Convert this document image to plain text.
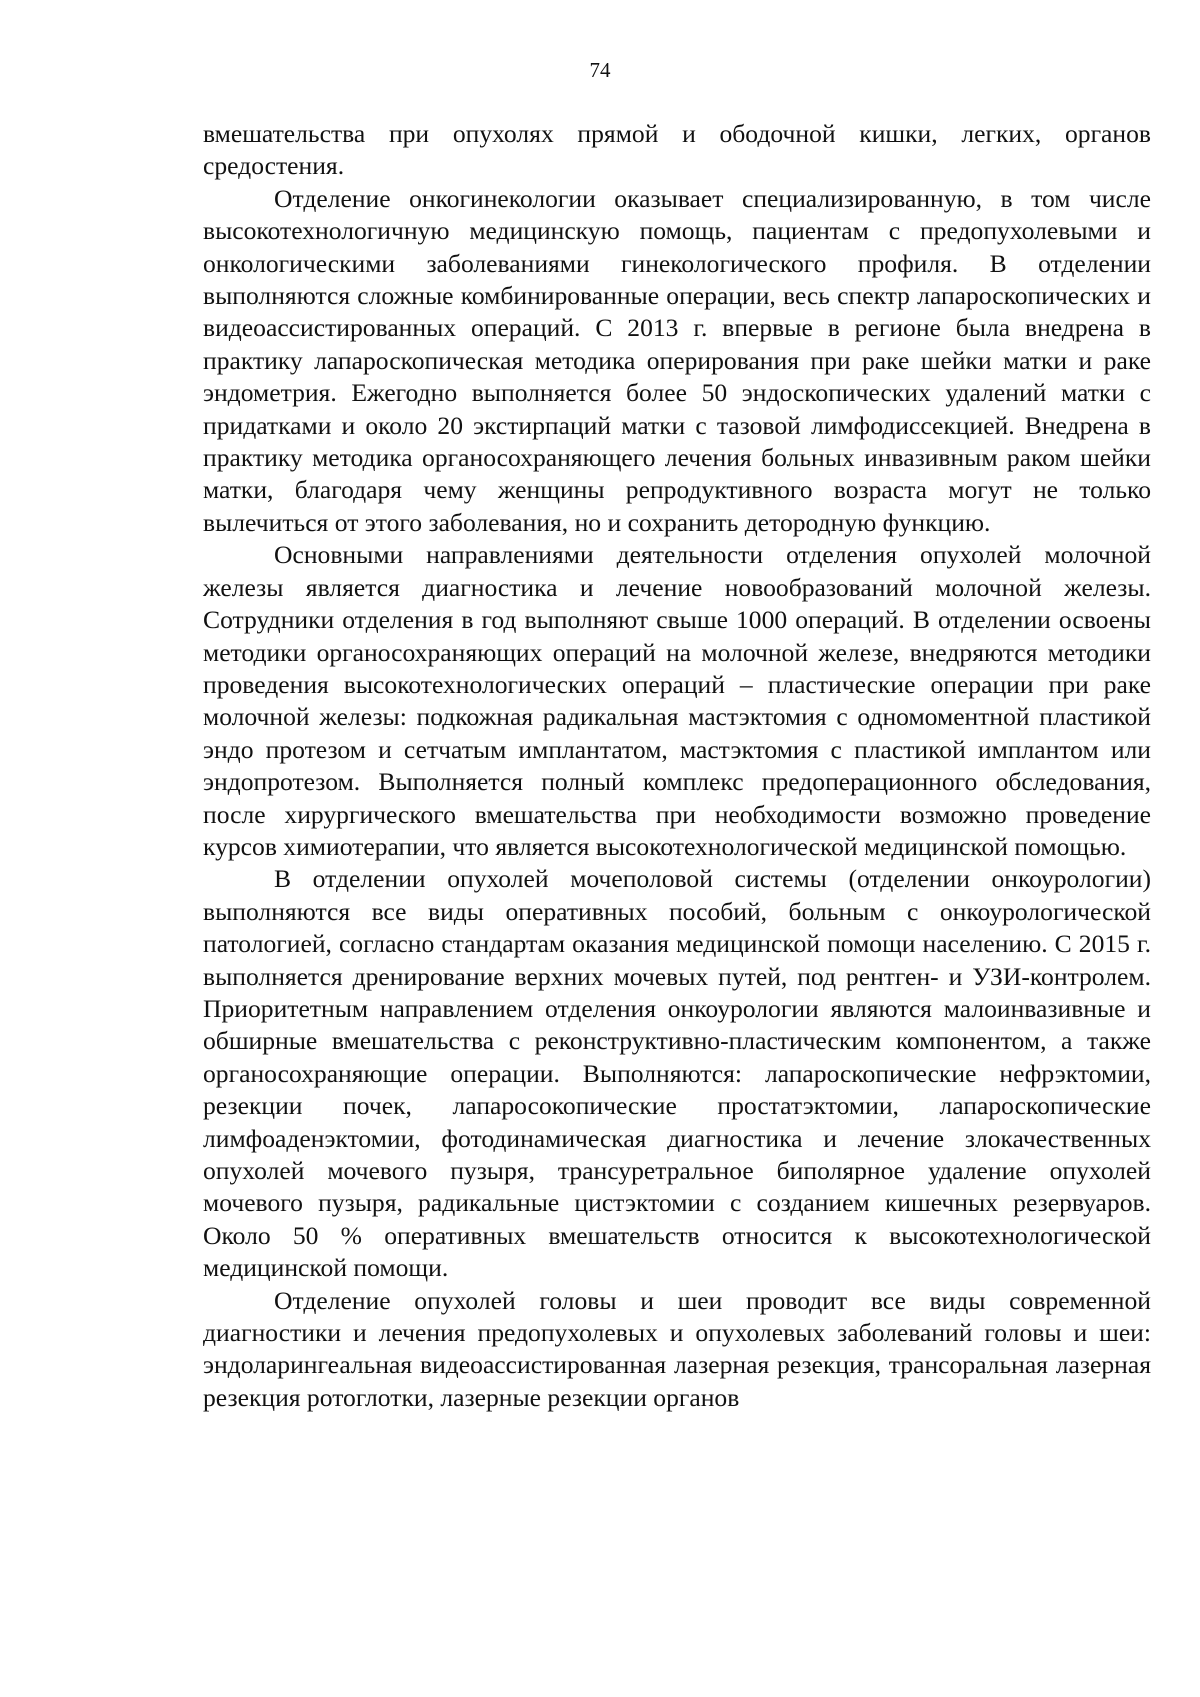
74

вмешательства при опухолях прямой и ободочной кишки, легких, органов средостения.

Отделение онкогинекологии оказывает специализированную, в том числе высокотехнологичную медицинскую помощь, пациентам с предопухолевыми и онкологическими заболеваниями гинекологического профиля. В отделении выполняются сложные комбинированные операции, весь спектр лапароскопических и видеоассистированных операций. С 2013 г. впервые в регионе была внедрена в практику лапароскопическая методика оперирования при раке шейки матки и раке эндометрия. Ежегодно выполняется более 50 эндоскопических удалений матки с придатками и около 20 экстирпаций матки с тазовой лимфодиссекцией. Внедрена в практику методика органосохраняющего лечения больных инвазивным раком шейки матки, благодаря чему женщины репродуктивного возраста могут не только вылечиться от этого заболевания, но и сохранить детородную функцию.

Основными направлениями деятельности отделения опухолей молочной железы является диагностика и лечение новообразований молочной железы. Сотрудники отделения в год выполняют свыше 1000 операций. В отделении освоены методики органосохраняющих операций на молочной железе, внедряются методики проведения высокотехнологических операций – пластические операции при раке молочной железы: подкожная радикальная мастэктомия с одномоментной пластикой эндо протезом и сетчатым имплантатом, мастэктомия с пластикой имплантом или эндопротезом. Выполняется полный комплекс предоперационного обследования, после хирургического вмешательства при необходимости возможно проведение курсов химиотерапии, что является высокотехнологической медицинской помощью.

В отделении опухолей мочеполовой системы (отделении онкоурологии) выполняются все виды оперативных пособий, больным с онкоурологической патологией, согласно стандартам оказания медицинской помощи населению. С 2015 г. выполняется дренирование верхних мочевых путей, под рентген- и УЗИ-контролем. Приоритетным направлением отделения онкоурологии являются малоинвазивные и обширные вмешательства с реконструктивно-пластическим компонентом, а также органосохраняющие операции. Выполняются: лапароскопические нефрэктомии, резекции почек, лапаросокопические простатэктомии, лапароскопические лимфоаденэктомии, фотодинамическая диагностика и лечение злокачественных опухолей мочевого пузыря, трансуретральное биполярное удаление опухолей мочевого пузыря, радикальные цистэктомии с созданием кишечных резервуаров. Около 50 % оперативных вмешательств относится к высокотехнологической медицинской помощи.

Отделение опухолей головы и шеи проводит все виды современной диагностики и лечения предопухолевых и опухолевых заболеваний головы и шеи: эндоларингеальная видеоассистированная лазерная резекция, трансоральная лазерная резекция ротоглотки, лазерные резекции органов
